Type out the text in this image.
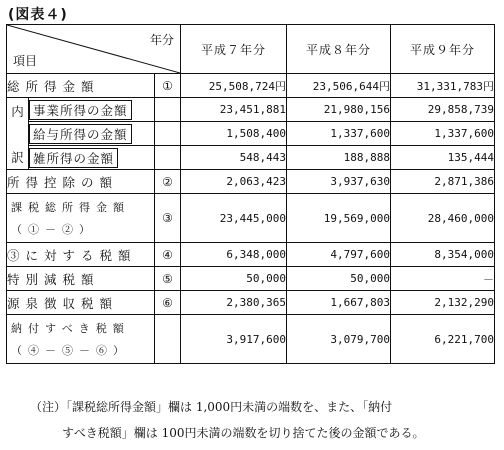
(図表４)
年分
項目			平成７年分	平成８年分	平成９年分
総所得金額		①	25,508,724円	23,506,644円	31,331,783円

内
訳	事業所得の金額		23,451,881	21,980,156	29,858,739
	給与所得の金額		1,508,400	1,337,600	1,337,600
	雑所得の金額		548,443	188,888	135,444
所得控除の額		②	2,063,423	3,937,630	2,871,386

課税総所得金額
（①－②）		③	23,445,000	19,569,000	28,460,000
③に対する税額		④	6,348,000	4,797,600	8,354,000
特別減税額		⑤	50,000	50,000	－
源泉徴収税額		⑥	2,380,365	1,667,803	2,132,290

納付すべき税額
（④－⑤－⑥）			3,917,600	3,079,700	6,221,700
（注）「課税総所得金額」欄は 1,000円未満の端数を、また、「納付
すべき税額」欄は 100円未満の端数を切り捨てた後の金額である。
